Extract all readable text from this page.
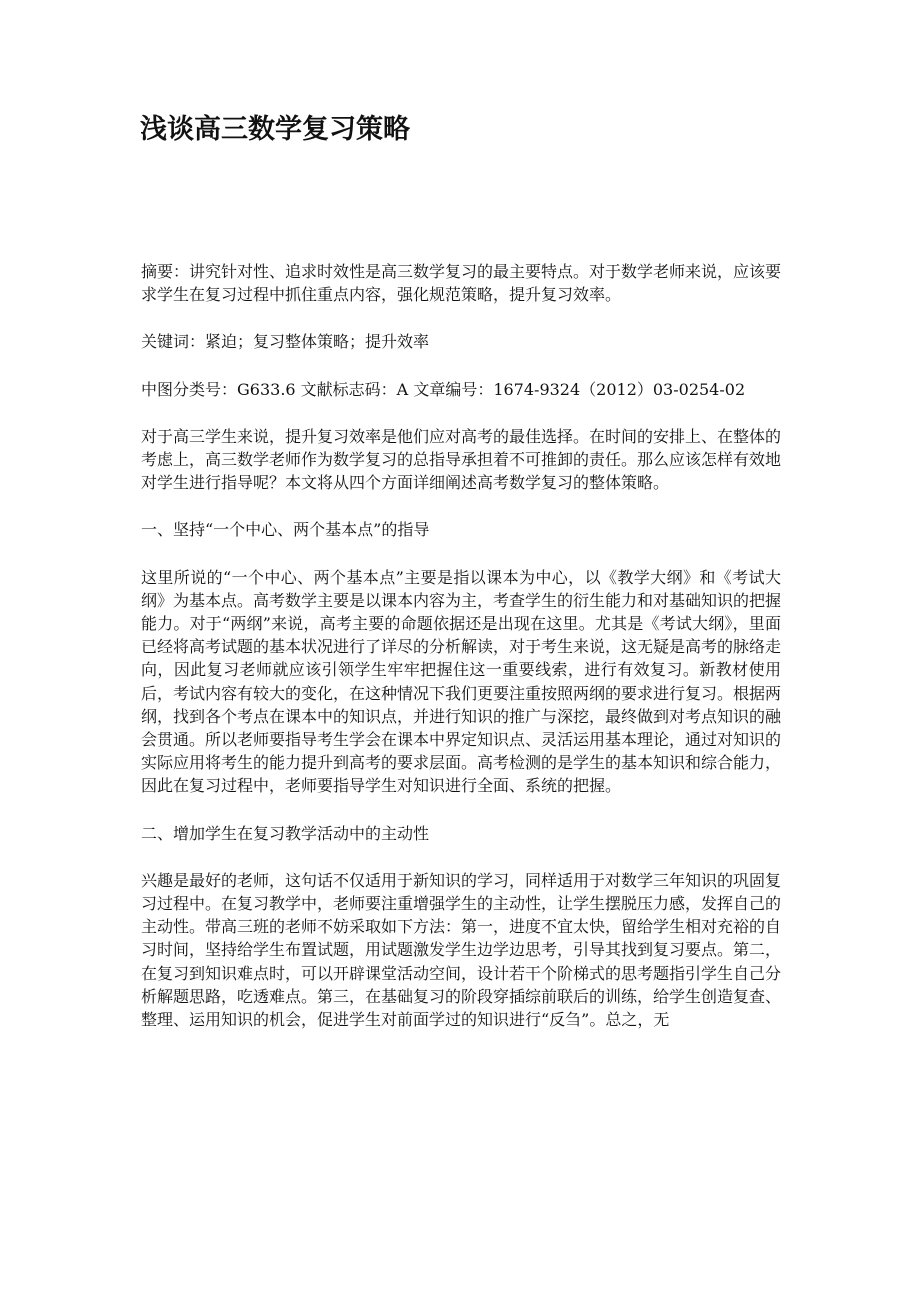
浅谈高三数学复习策略

摘要：讲究针对性、追求时效性是高三数学复习的最主要特点。对于数学老师来说，应该要求学生在复习过程中抓住重点内容，强化规范策略，提升复习效率。

关键词：紧迫；复习整体策略；提升效率

中图分类号：G633.6 文献标志码：A 文章编号：1674-9324（2012）03-0254-02

对于高三学生来说，提升复习效率是他们应对高考的最佳选择。在时间的安排上、在整体的考虑上，高三数学老师作为数学复习的总指导承担着不可推卸的责任。那么应该怎样有效地对学生进行指导呢？本文将从四个方面详细阐述高考数学复习的整体策略。

一、坚持“一个中心、两个基本点”的指导

这里所说的“一个中心、两个基本点”主要是指以课本为中心，以《教学大纲》和《考试大纲》为基本点。高考数学主要是以课本内容为主，考查学生的衍生能力和对基础知识的把握能力。对于“两纲”来说，高考主要的命题依据还是出现在这里。尤其是《考试大纲》，里面已经将高考试题的基本状况进行了详尽的分析解读，对于考生来说，这无疑是高考的脉络走向，因此复习老师就应该引领学生牢牢把握住这一重要线索，进行有效复习。新教材使用后，考试内容有较大的变化，在这种情况下我们更要注重按照两纲的要求进行复习。根据两纲，找到各个考点在课本中的知识点，并进行知识的推广与深挖，最终做到对考点知识的融会贯通。所以老师要指导考生学会在课本中界定知识点、灵活运用基本理论，通过对知识的实际应用将考生的能力提升到高考的要求层面。高考检测的是学生的基本知识和综合能力，因此在复习过程中，老师要指导学生对知识进行全面、系统的把握。

二、增加学生在复习教学活动中的主动性

兴趣是最好的老师，这句话不仅适用于新知识的学习，同样适用于对数学三年知识的巩固复习过程中。在复习教学中，老师要注重增强学生的主动性，让学生摆脱压力感，发挥自己的主动性。带高三班的老师不妨采取如下方法：第一，进度不宜太快，留给学生相对充裕的自习时间，坚持给学生布置试题，用试题激发学生边学边思考，引导其找到复习要点。第二，在复习到知识难点时，可以开辟课堂活动空间，设计若干个阶梯式的思考题指引学生自己分析解题思路，吃透难点。第三，在基础复习的阶段穿插综前联后的训练，给学生创造复查、整理、运用知识的机会，促进学生对前面学过的知识进行“反刍”。总之，无
